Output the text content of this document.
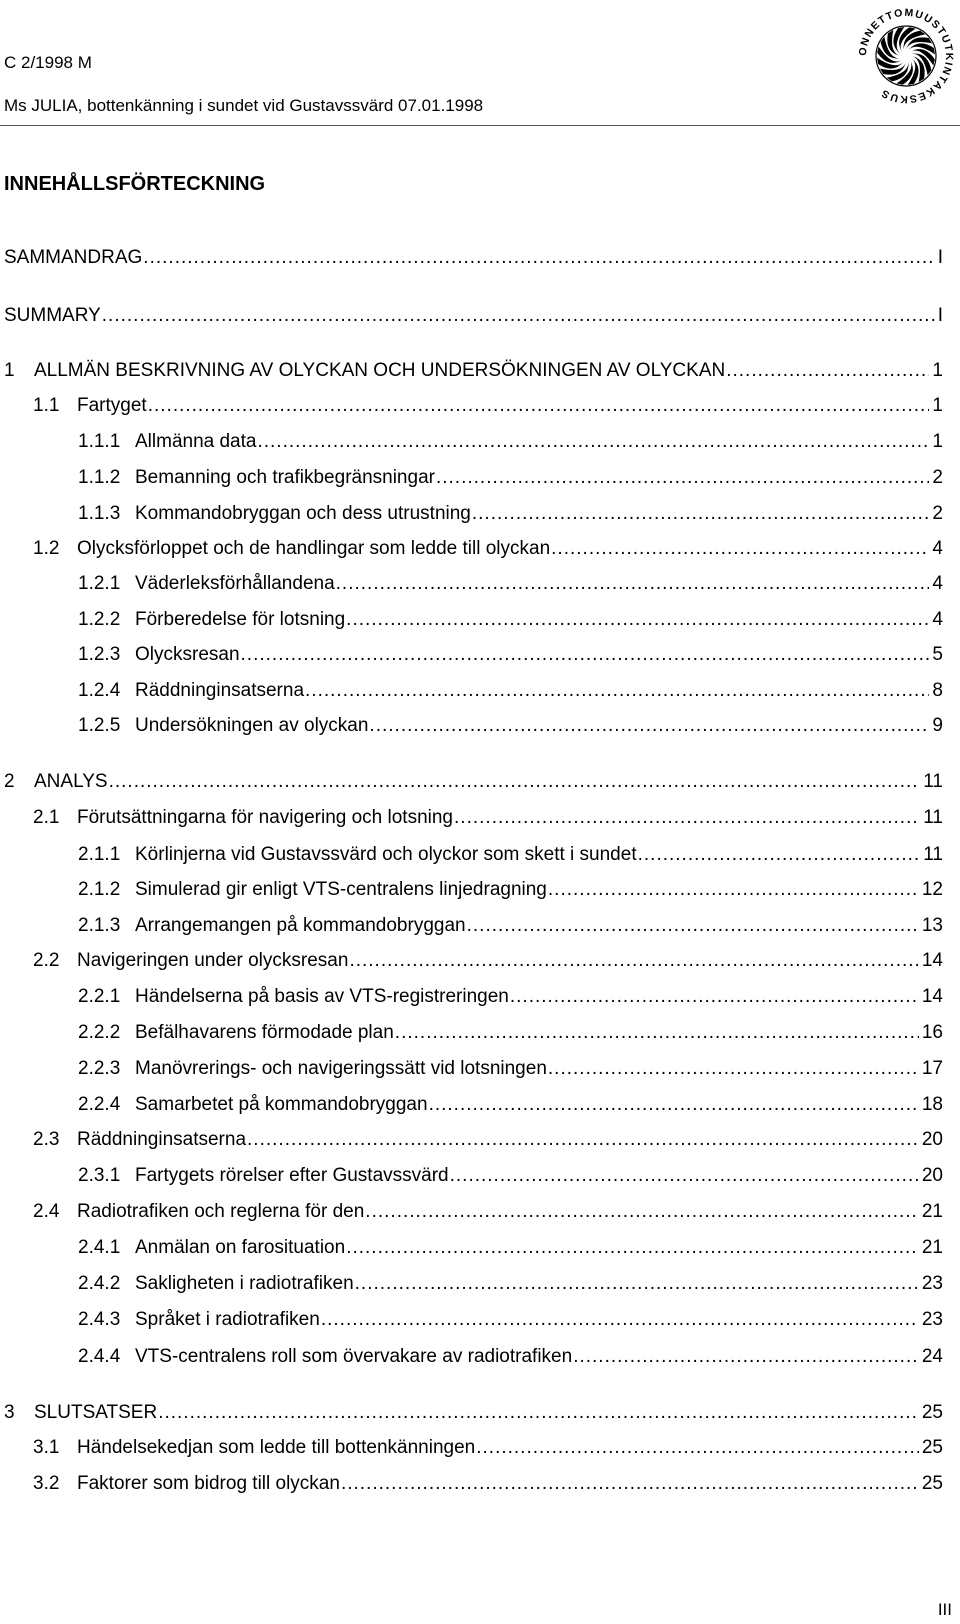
C 2/1998 M
Ms JULIA, bottenkänning i sundet vid Gustavssvärd 07.01.1998
ONNETTOMUUSTUTKINTAKESKUS
INNEHÅLLSFÖRTECKNING
SAMMANDRAG .....	I
SUMMARY .....	I
1	ALLMÄN BESKRIVNING AV OLYCKAN OCH UNDERSÖKNINGEN AV OLYCKAN .....	1
1.1 Fartyget .....	1
1.1.1 Allmänna data .....	1
1.1.2 Bemanning och trafikbegränsningar .....	2
1.1.3 Kommandobryggan och dess utrustning .....	2
1.2 Olycksförloppet och de handlingar som ledde till olyckan .....	4
1.2.1 Väderleksförhållandena .....	4
1.2.2 Förberedelse för lotsning .....	4
1.2.3 Olycksresan .....	5
1.2.4 Räddninginsatserna .....	8
1.2.5 Undersökningen av olyckan .....	9
2	ANALYS .....	11
2.1 Förutsättningarna för navigering och lotsning .....	11
2.1.1 Körlinjerna vid Gustavssvärd och olyckor som skett i sundet .....	11
2.1.2 Simulerad gir enligt VTS-centralens linjedragning .....	12
2.1.3 Arrangemangen på kommandobryggan .....	13
2.2 Navigeringen under olycksresan .....	14
2.2.1 Händelserna på basis av VTS-registreringen .....	14
2.2.2 Befälhavarens förmodade plan .....	16
2.2.3 Manövrerings- och navigeringssätt vid lotsningen .....	17
2.2.4 Samarbetet på kommandobryggan .....	18
2.3 Räddninginsatserna .....	20
2.3.1 Fartygets rörelser efter Gustavssvärd .....	20
2.4 Radiotrafiken och reglerna för den .....	21
2.4.1 Anmälan on farosituation .....	21
2.4.2 Sakligheten i radiotrafiken .....	23
2.4.3 Språket i radiotrafiken .....	23
2.4.4 VTS-centralens roll som övervakare av radiotrafiken .....	24
3	SLUTSATSER .....	25
3.1 Händelsekedjan som ledde till bottenkänningen .....	25
3.2 Faktorer som bidrog till olyckan .....	25
III
